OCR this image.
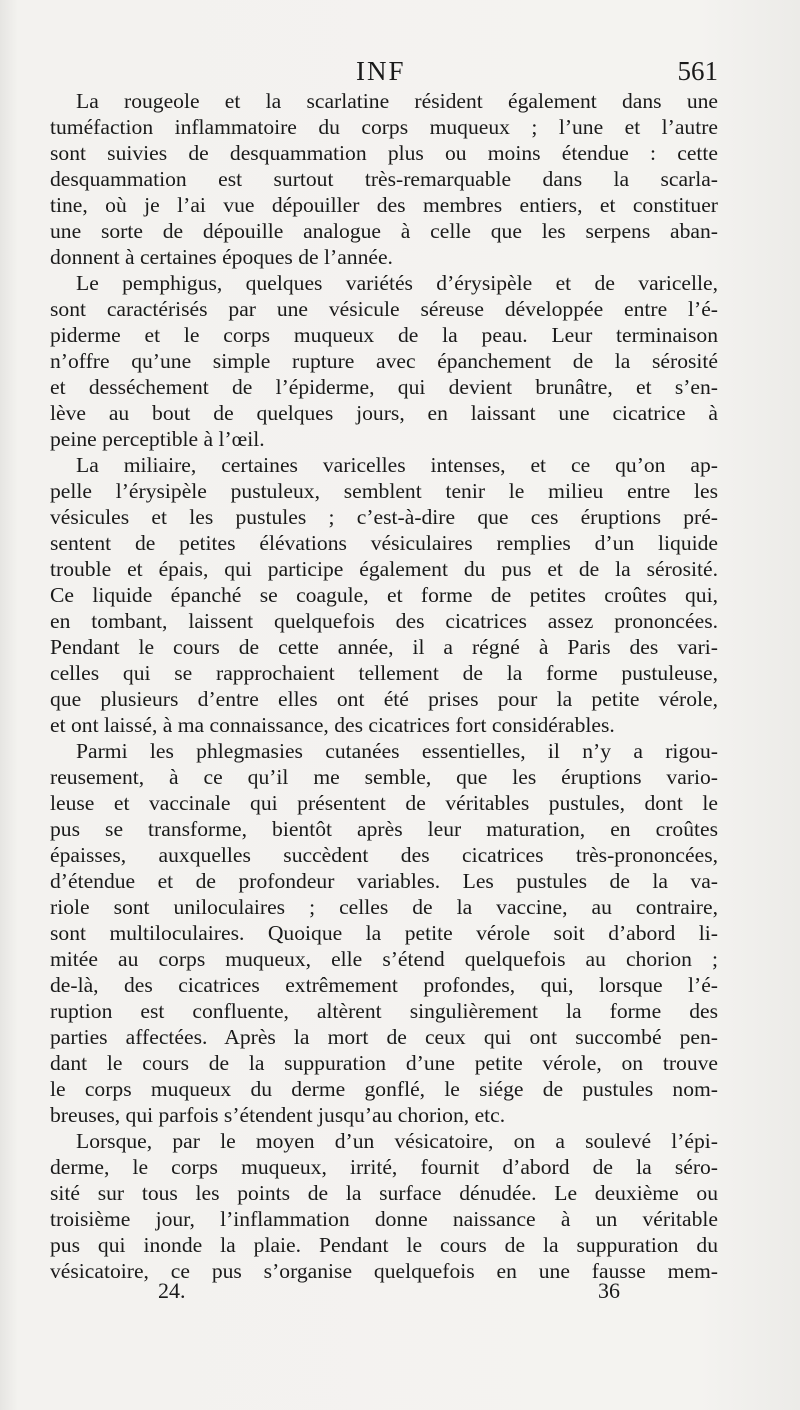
INF	561
La rougeole et la scarlatine résident également dans une
tuméfaction inflammatoire du corps muqueux ; l’une et l’autre
sont suivies de desquammation plus ou moins étendue : cette
desquammation est surtout très-remarquable dans la scarla-
tine, où je l’ai vue dépouiller des membres entiers, et constituer
une sorte de dépouille analogue à celle que les serpens aban-
donnent à certaines époques de l’année.
Le pemphigus, quelques variétés d’érysipèle et de varicelle,
sont caractérisés par une vésicule séreuse développée entre l’é-
piderme et le corps muqueux de la peau. Leur terminaison
n’offre qu’une simple rupture avec épanchement de la sérosité
et desséchement de l’épiderme, qui devient brunâtre, et s’en-
lève au bout de quelques jours, en laissant une cicatrice à
peine perceptible à l’œil.
La miliaire, certaines varicelles intenses, et ce qu’on ap-
pelle l’érysipèle pustuleux, semblent tenir le milieu entre les
vésicules et les pustules ; c’est-à-dire que ces éruptions pré-
sentent de petites élévations vésiculaires remplies d’un liquide
trouble et épais, qui participe également du pus et de la sérosité.
Ce liquide épanché se coagule, et forme de petites croûtes qui,
en tombant, laissent quelquefois des cicatrices assez prononcées.
Pendant le cours de cette année, il a régné à Paris des vari-
celles qui se rapprochaient tellement de la forme pustuleuse,
que plusieurs d’entre elles ont été prises pour la petite vérole,
et ont laissé, à ma connaissance, des cicatrices fort considérables.
Parmi les phlegmasies cutanées essentielles, il n’y a rigou-
reusement, à ce qu’il me semble, que les éruptions vario-
leuse et vaccinale qui présentent de véritables pustules, dont le
pus se transforme, bientôt après leur maturation, en croûtes
épaisses, auxquelles succèdent des cicatrices très-prononcées,
d’étendue et de profondeur variables. Les pustules de la va-
riole sont uniloculaires ; celles de la vaccine, au contraire,
sont multiloculaires. Quoique la petite vérole soit d’abord li-
mitée au corps muqueux, elle s’étend quelquefois au chorion ;
de-là, des cicatrices extrêmement profondes, qui, lorsque l’é-
ruption est confluente, altèrent singulièrement la forme des
parties affectées. Après la mort de ceux qui ont succombé pen-
dant le cours de la suppuration d’une petite vérole, on trouve
le corps muqueux du derme gonflé, le siége de pustules nom-
breuses, qui parfois s’étendent jusqu’au chorion, etc.
Lorsque, par le moyen d’un vésicatoire, on a soulevé l’épi-
derme, le corps muqueux, irrité, fournit d’abord de la séro-
sité sur tous les points de la surface dénudée. Le deuxième ou
troisième jour, l’inflammation donne naissance à un véritable
pus qui inonde la plaie. Pendant le cours de la suppuration du
vésicatoire, ce pus s’organise quelquefois en une fausse mem-
24.	36
